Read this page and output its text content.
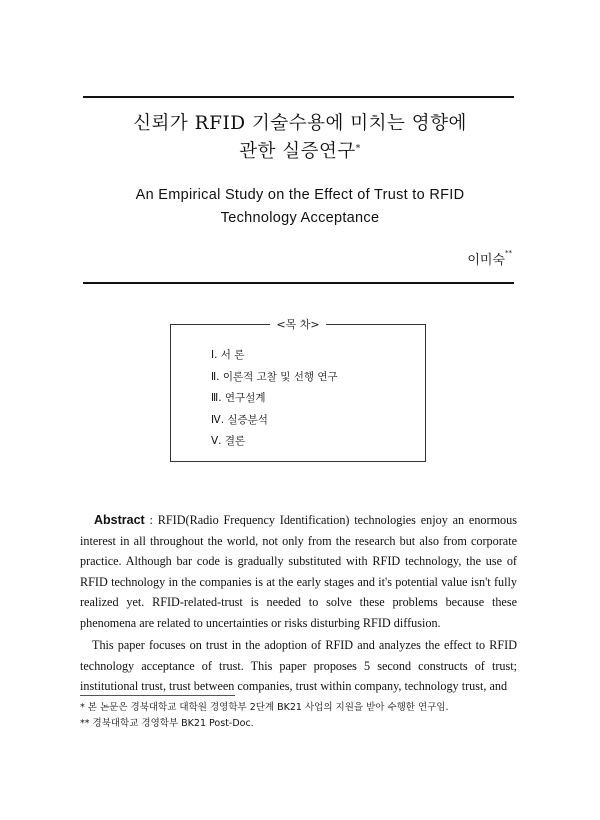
신뢰가 RFID 기술수용에 미치는 영향에
관한 실증연구*
An Empirical Study on the Effect of Trust to RFID
Technology Acceptance
이미숙**
<목 차>
Ⅰ. 서 론
Ⅱ. 이론적 고찰 및 선행 연구
Ⅲ. 연구설계
Ⅳ. 실증분석
Ⅴ. 결론

Abstract : RFID(Radio Frequency Identification) technologies enjoy an enormous interest in all throughout the world, not only from the research but also from corporate practice. Although bar code is gradually substituted with RFID technology, the use of RFID technology in the companies is at the early stages and it's potential value isn't fully realized yet. RFID-related-trust is needed to solve these problems because these phenomena are related to uncertainties or risks disturbing RFID diffusion.

This paper focuses on trust in the adoption of RFID and analyzes the effect to RFID technology acceptance of trust. This paper proposes 5 second constructs of trust; institutional trust, trust between companies, trust within company, technology trust, and

* 본 논문은 경북대학교 대학원 경영학부 2단계 BK21 사업의 지원을 받아 수행한 연구임.
** 경북대학교 경영학부 BK21 Post-Doc.
